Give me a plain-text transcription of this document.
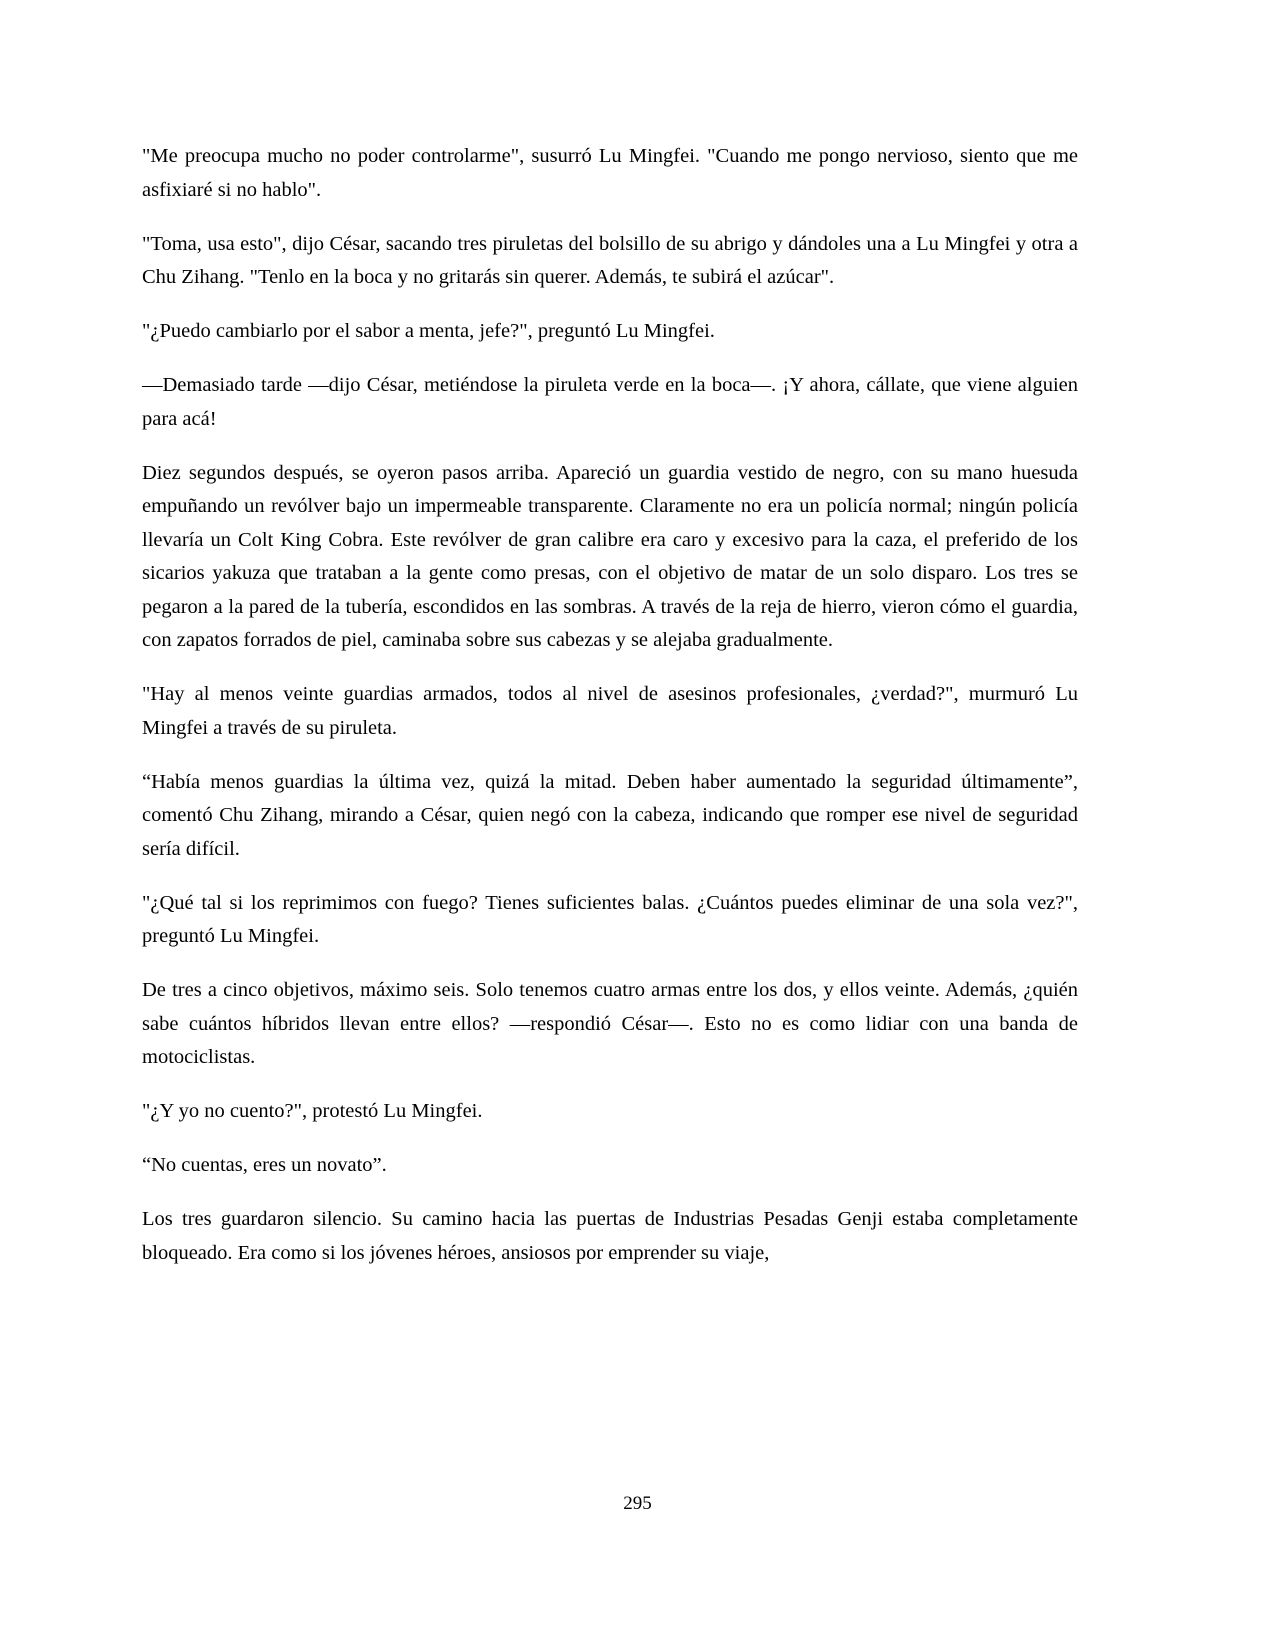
"Me preocupa mucho no poder controlarme", susurró Lu Mingfei. "Cuando me pongo nervioso, siento que me asfixiaré si no hablo".

"Toma, usa esto", dijo César, sacando tres piruletas del bolsillo de su abrigo y dándoles una a Lu Mingfei y otra a Chu Zihang. "Tenlo en la boca y no gritarás sin querer. Además, te subirá el azúcar".

"¿Puedo cambiarlo por el sabor a menta, jefe?", preguntó Lu Mingfei.

—Demasiado tarde —dijo César, metiéndose la piruleta verde en la boca—. ¡Y ahora, cállate, que viene alguien para acá!

Diez segundos después, se oyeron pasos arriba. Apareció un guardia vestido de negro, con su mano huesuda empuñando un revólver bajo un impermeable transparente. Claramente no era un policía normal; ningún policía llevaría un Colt King Cobra. Este revólver de gran calibre era caro y excesivo para la caza, el preferido de los sicarios yakuza que trataban a la gente como presas, con el objetivo de matar de un solo disparo. Los tres se pegaron a la pared de la tubería, escondidos en las sombras. A través de la reja de hierro, vieron cómo el guardia, con zapatos forrados de piel, caminaba sobre sus cabezas y se alejaba gradualmente.

"Hay al menos veinte guardias armados, todos al nivel de asesinos profesionales, ¿verdad?", murmuró Lu Mingfei a través de su piruleta.

“Había menos guardias la última vez, quizá la mitad. Deben haber aumentado la seguridad últimamente”, comentó Chu Zihang, mirando a César, quien negó con la cabeza, indicando que romper ese nivel de seguridad sería difícil.

"¿Qué tal si los reprimimos con fuego? Tienes suficientes balas. ¿Cuántos puedes eliminar de una sola vez?", preguntó Lu Mingfei.

De tres a cinco objetivos, máximo seis. Solo tenemos cuatro armas entre los dos, y ellos veinte. Además, ¿quién sabe cuántos híbridos llevan entre ellos? —respondió César—. Esto no es como lidiar con una banda de motociclistas.

"¿Y yo no cuento?", protestó Lu Mingfei.

“No cuentas, eres un novato”.

Los tres guardaron silencio. Su camino hacia las puertas de Industrias Pesadas Genji estaba completamente bloqueado. Era como si los jóvenes héroes, ansiosos por emprender su viaje,

295
